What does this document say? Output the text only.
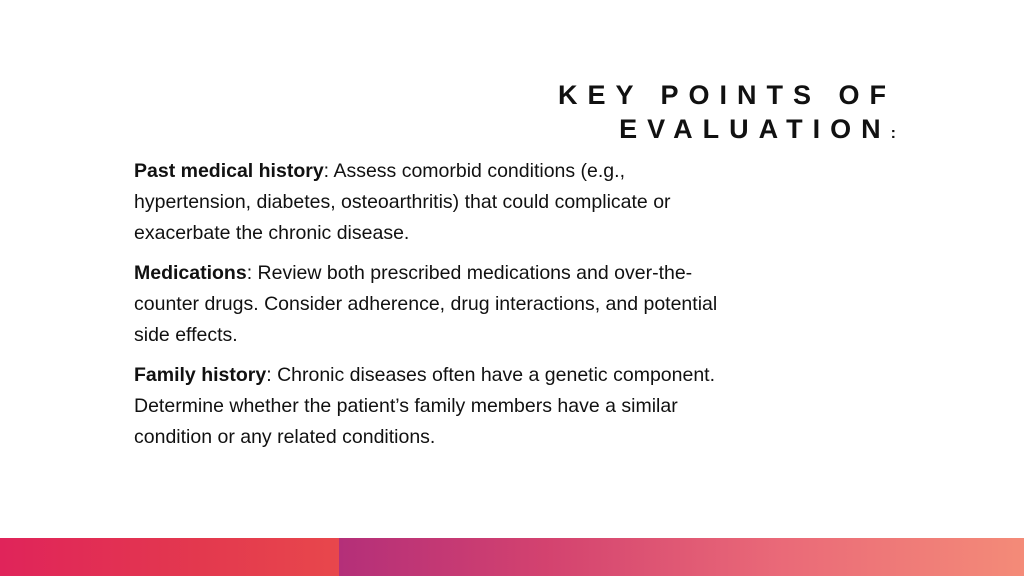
KEY POINTS OF
EVALUATION:

Past medical history: Assess comorbid conditions (e.g., hypertension, diabetes, osteoarthritis) that could complicate or exacerbate the chronic disease.

Medications: Review both prescribed medications and over-the-counter drugs. Consider adherence, drug interactions, and potential side effects.

Family history: Chronic diseases often have a genetic component. Determine whether the patient’s family members have a similar condition or any related conditions.
